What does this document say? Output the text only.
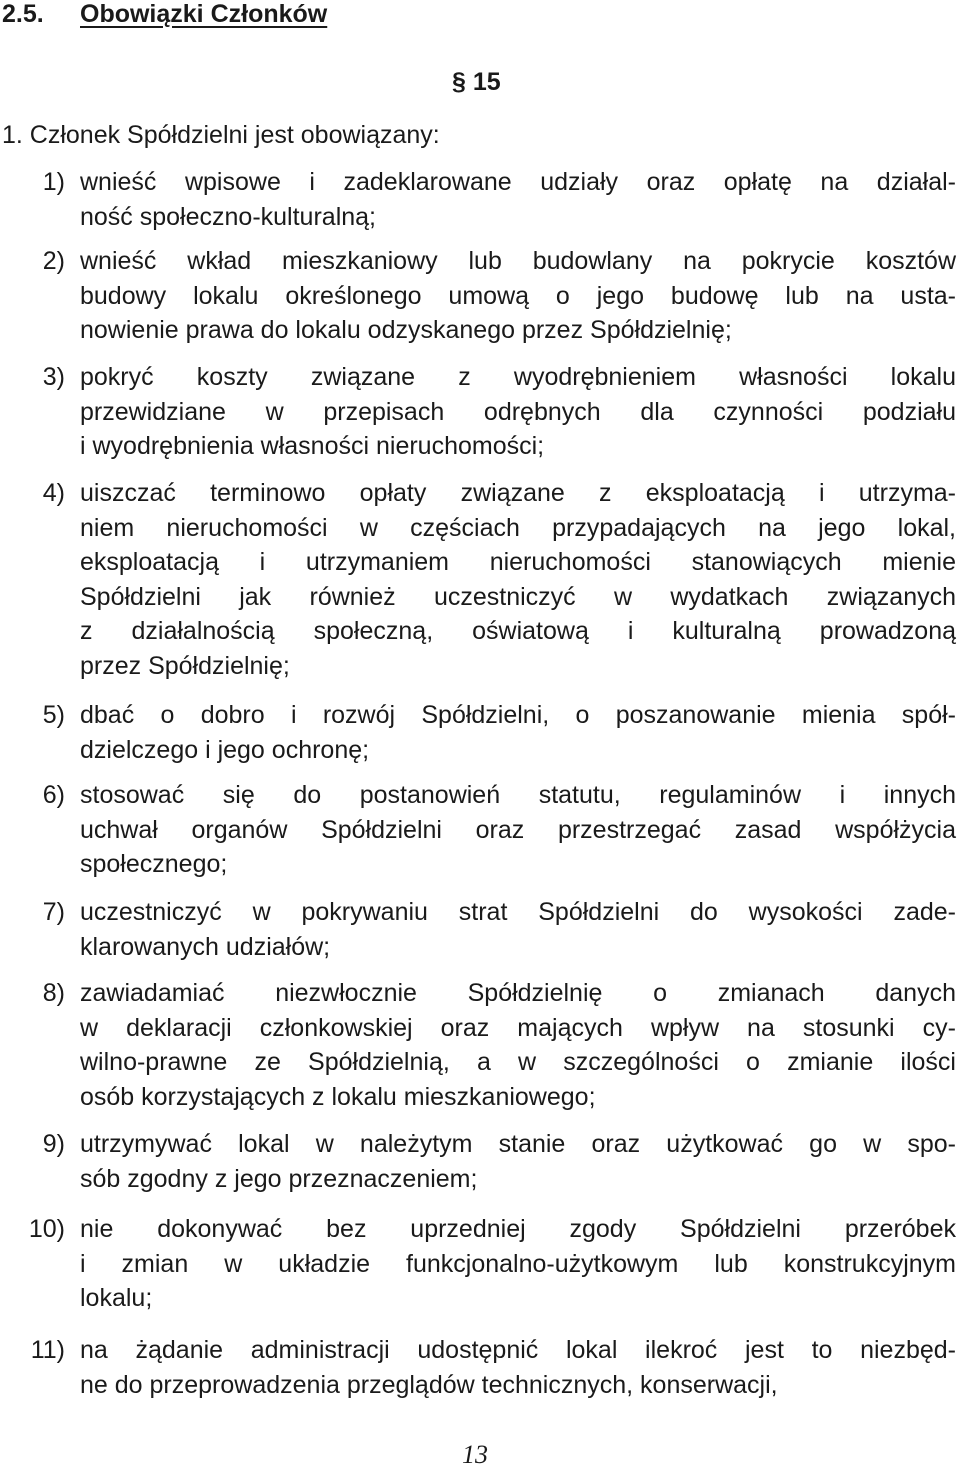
2.5. Obowiązki Członków
§ 15
1. Członek Spółdzielni jest obowiązany:
1) wnieść wpisowe i zadeklarowane udziały oraz opłatę na działal-
ność społeczno-kulturalną;
2) wnieść wkład mieszkaniowy lub budowlany na pokrycie kosztów
budowy lokalu określonego umową o jego budowę lub na usta-
nowienie prawa do lokalu odzyskanego przez Spółdzielnię;
3) pokryć koszty związane z wyodrębnieniem własności lokalu
przewidziane w przepisach odrębnych dla czynności podziału
i wyodrębnienia własności nieruchomości;
4) uiszczać terminowo opłaty związane z eksploatacją i utrzyma-
niem nieruchomości w częściach przypadających na jego lokal,
eksploatacją i utrzymaniem nieruchomości stanowiących mienie
Spółdzielni jak również uczestniczyć w wydatkach związanych
z działalnością społeczną, oświatową i kulturalną prowadzoną
przez Spółdzielnię;
5) dbać o dobro i rozwój Spółdzielni, o poszanowanie mienia spół-
dzielczego i jego ochronę;
6) stosować się do postanowień statutu, regulaminów i innych
uchwał organów Spółdzielni oraz przestrzegać zasad współżycia
społecznego;
7) uczestniczyć w pokrywaniu strat Spółdzielni do wysokości zade-
klarowanych udziałów;
8) zawiadamiać niezwłocznie Spółdzielnię o zmianach danych
w deklaracji członkowskiej oraz mających wpływ na stosunki cy-
wilno-prawne ze Spółdzielnią, a w szczególności o zmianie ilości
osób korzystających z lokalu mieszkaniowego;
9) utrzymywać lokal w należytym stanie oraz użytkować go w spo-
sób zgodny z jego przeznaczeniem;
10) nie dokonywać bez uprzedniej zgody Spółdzielni przeróbek
i zmian w układzie funkcjonalno-użytkowym lub konstrukcyjnym
lokalu;
11) na żądanie administracji udostępnić lokal ilekroć jest to niezbęd-
ne do przeprowadzenia przeglądów technicznych, konserwacji,
13
